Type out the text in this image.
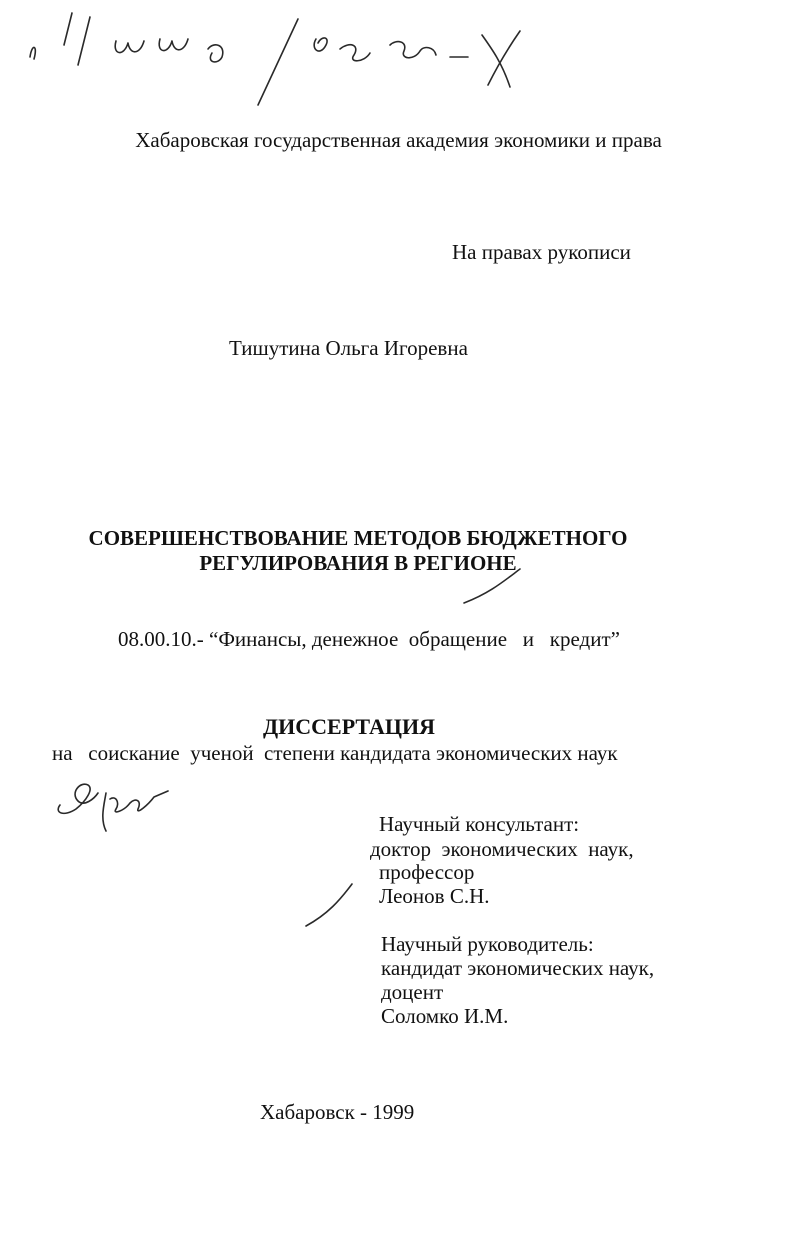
Хабаровская государственная академия экономики и права
На правах рукописи
Тишутина Ольга Игоревна
СОВЕРШЕНСТВОВАНИЕ МЕТОДОВ БЮДЖЕТНОГО
РЕГУЛИРОВАНИЯ В РЕГИОНЕ
08.00.10.- “Финансы, денежное  обращение   и   кредит”
ДИССЕРТАЦИЯ
на   соискание  ученой  степени кандидата экономических наук
Научный консультант:
доктор  экономических  наук,
профессор
Леонов С.Н.
Научный руководитель:
кандидат экономических наук,
доцент
Соломко И.М.
Хабаровск - 1999
